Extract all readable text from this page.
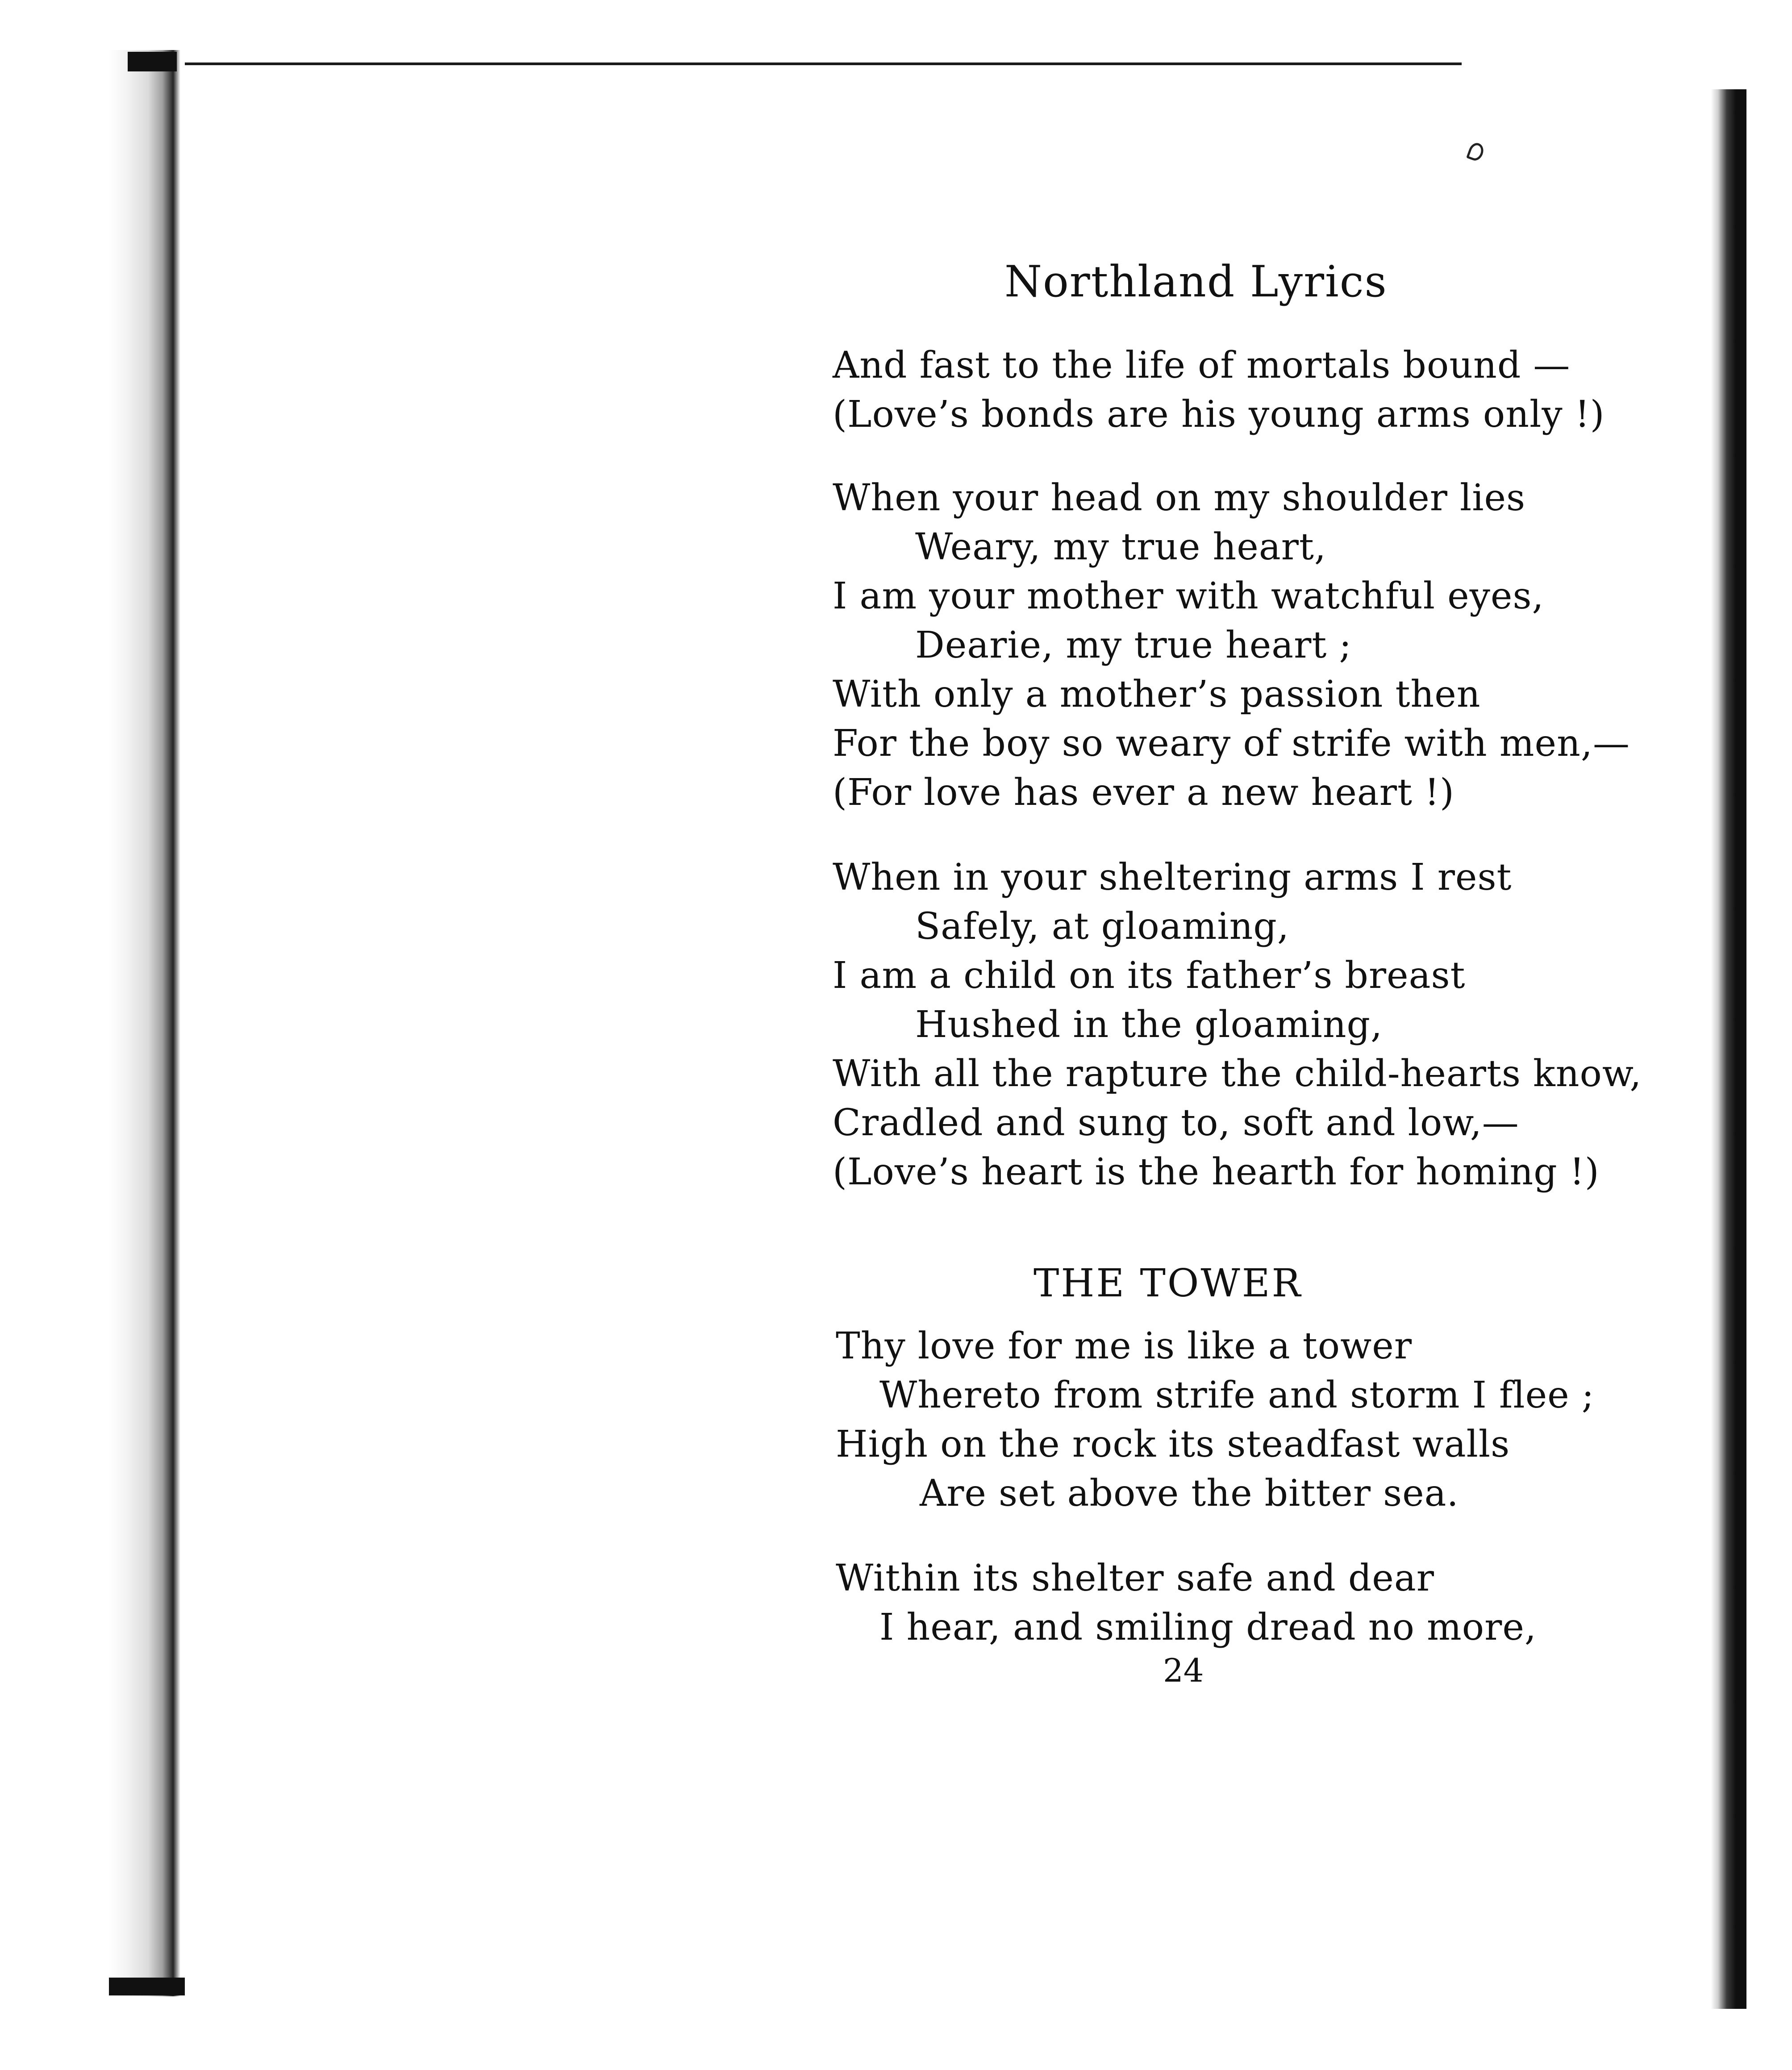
Northland Lyrics
And fast to the life of mortals bound —
(Love’s bonds are his young arms only !)
When your head on my shoulder lies
Weary, my true heart,
I am your mother with watchful eyes,
Dearie, my true heart ;
With only a mother’s passion then
For the boy so weary of strife with men,—
(For love has ever a new heart !)
When in your sheltering arms I rest
Safely, at gloaming,
I am a child on its father’s breast
Hushed in the gloaming,
With all the rapture the child-hearts know,
Cradled and sung to, soft and low,—
(Love’s heart is the hearth for homing !)
THE TOWER
Thy love for me is like a tower
Whereto from strife and storm I flee ;
High on the rock its steadfast walls
Are set above the bitter sea.
Within its shelter safe and dear
I hear, and smiling dread no more,
24
